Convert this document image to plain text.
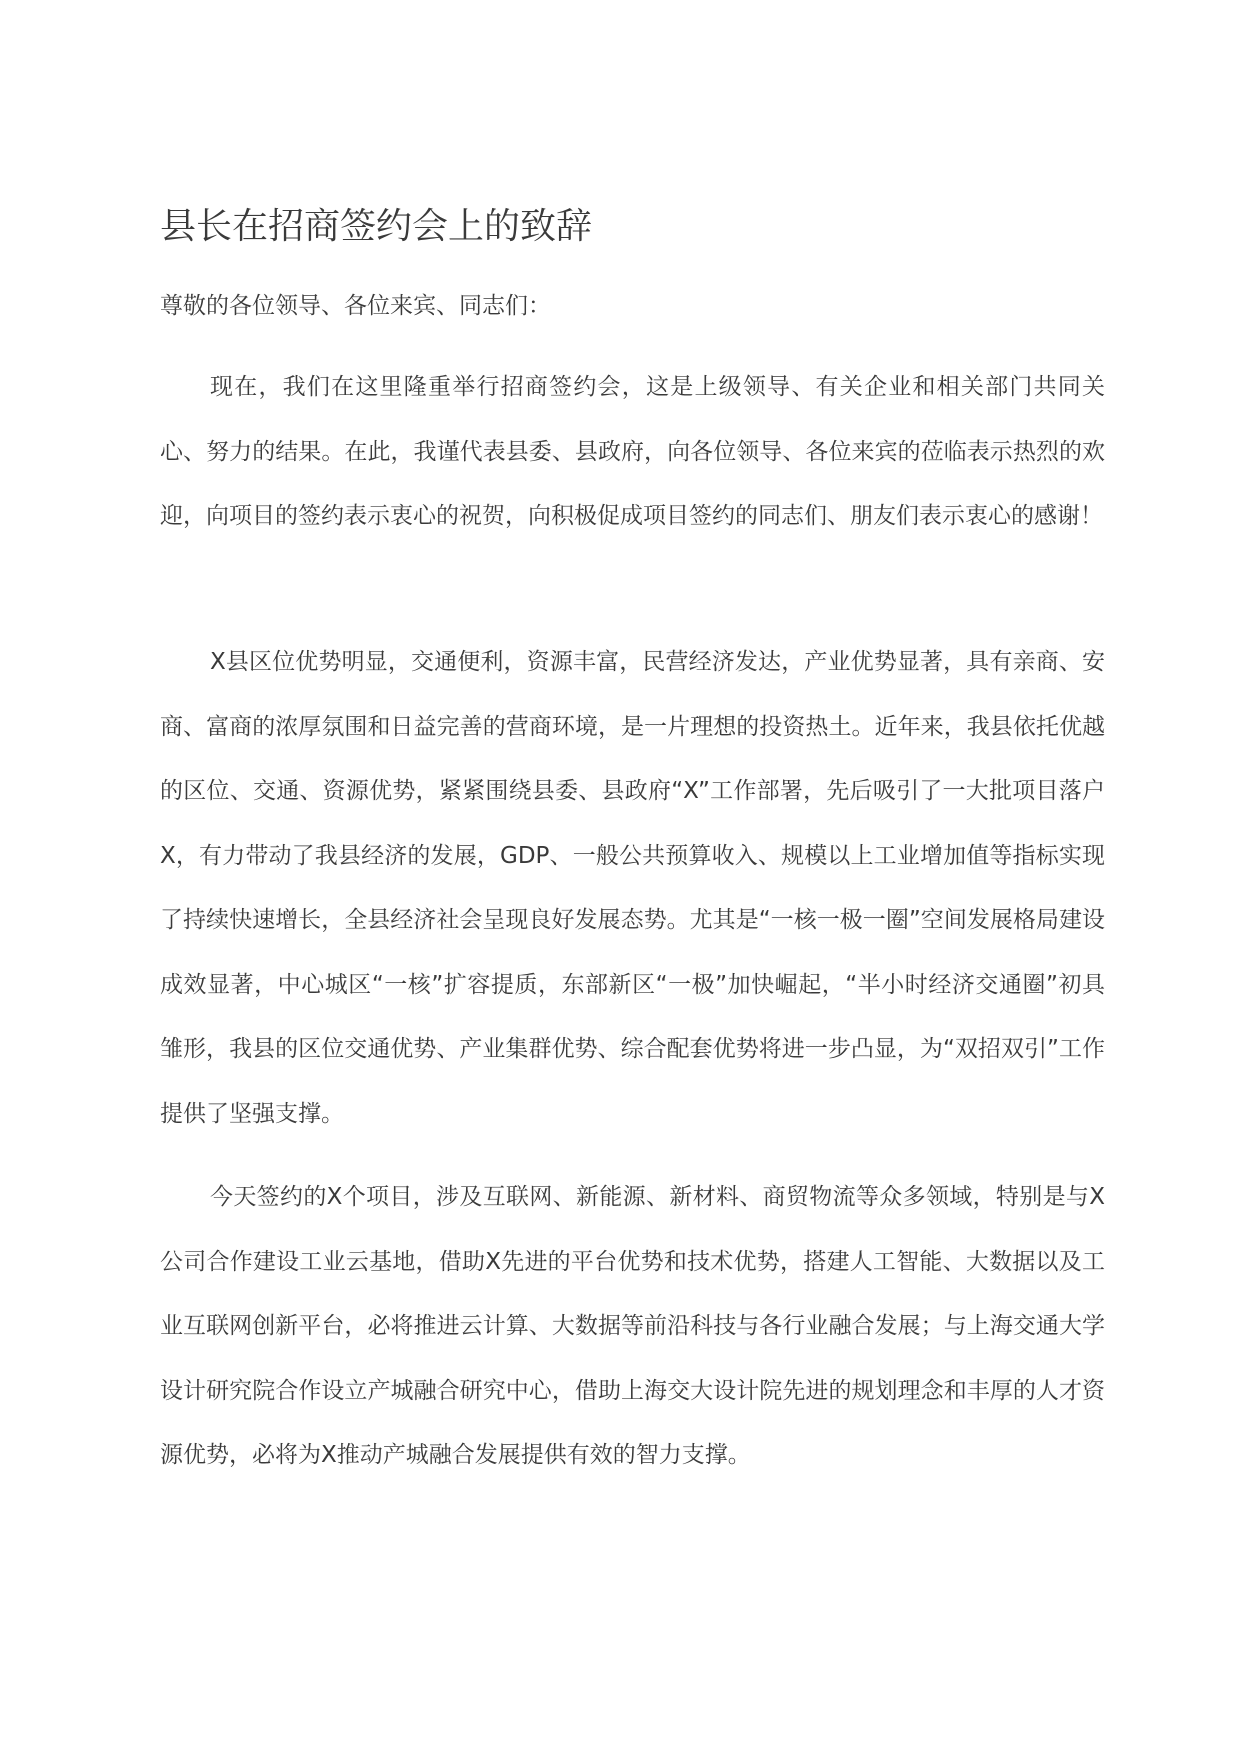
县长在招商签约会上的致辞

尊敬的各位领导、各位来宾、同志们：

现在，我们在这里隆重举行招商签约会，这是上级领导、有关企业和相关部门共同关心、努力的结果。在此，我谨代表县委、县政府，向各位领导、各位来宾的莅临表示热烈的欢迎，向项目的签约表示衷心的祝贺，向积极促成项目签约的同志们、朋友们表示衷心的感谢！

X县区位优势明显，交通便利，资源丰富，民营经济发达，产业优势显著，具有亲商、安商、富商的浓厚氛围和日益完善的营商环境，是一片理想的投资热土。近年来，我县依托优越的区位、交通、资源优势，紧紧围绕县委、县政府“X”工作部署，先后吸引了一大批项目落户X，有力带动了我县经济的发展，GDP、一般公共预算收入、规模以上工业增加值等指标实现了持续快速增长，全县经济社会呈现良好发展态势。尤其是“一核一极一圈”空间发展格局建设成效显著，中心城区“一核”扩容提质，东部新区“一极”加快崛起，“半小时经济交通圈”初具雏形，我县的区位交通优势、产业集群优势、综合配套优势将进一步凸显，为“双招双引”工作提供了坚强支撑。

今天签约的X个项目，涉及互联网、新能源、新材料、商贸物流等众多领域，特别是与X公司合作建设工业云基地，借助X先进的平台优势和技术优势，搭建人工智能、大数据以及工业互联网创新平台，必将推进云计算、大数据等前沿科技与各行业融合发展；与上海交通大学设计研究院合作设立产城融合研究中心，借助上海交大设计院先进的规划理念和丰厚的人才资源优势，必将为X推动产城融合发展提供有效的智力支撑。
